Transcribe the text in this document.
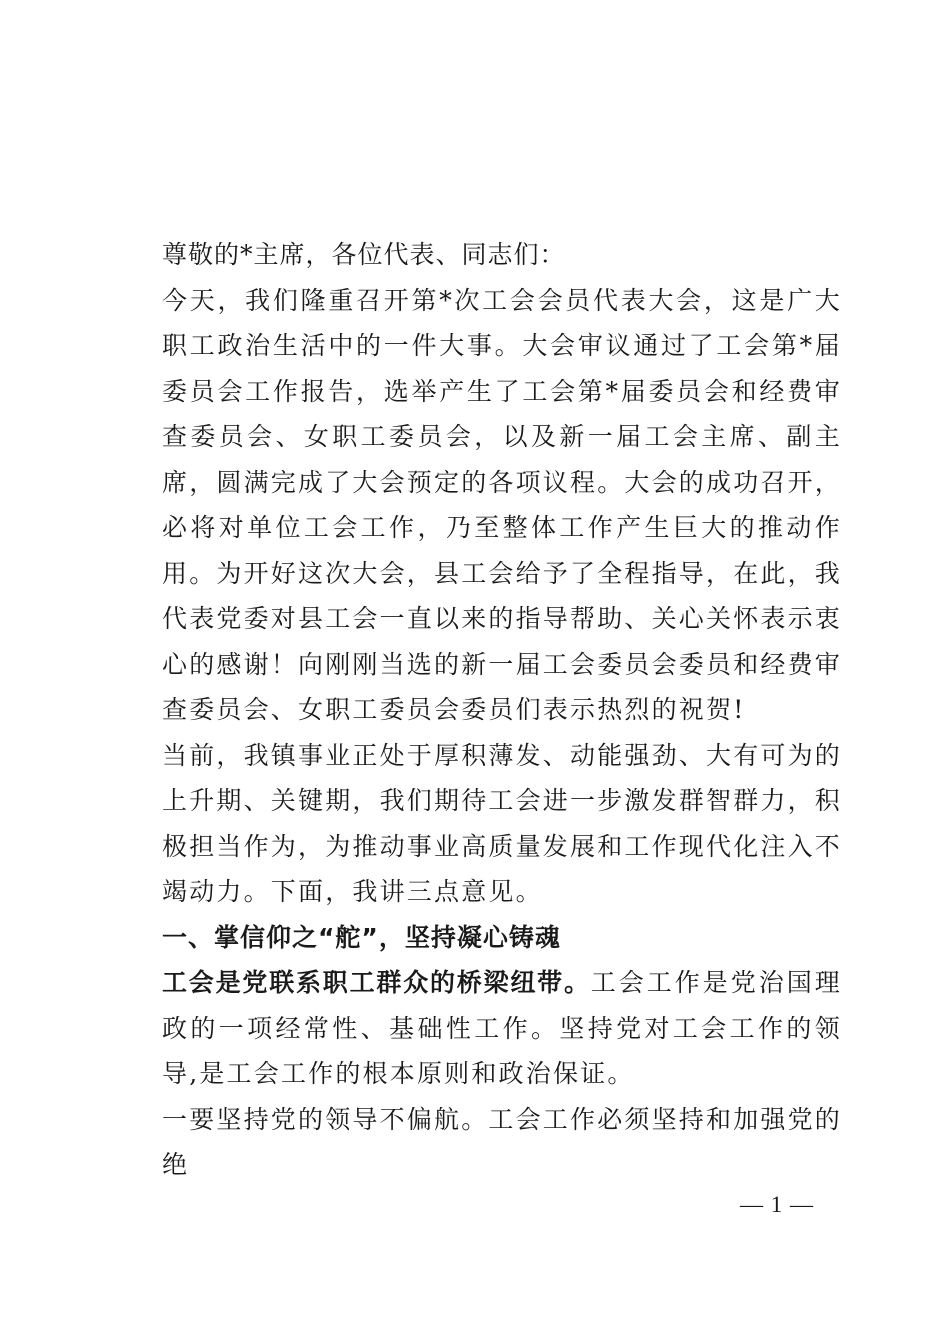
尊敬的*主席，各位代表、同志们：

今天，我们隆重召开第*次工会会员代表大会，这是广大职工政治生活中的一件大事。大会审议通过了工会第*届委员会工作报告，选举产生了工会第*届委员会和经费审查委员会、女职工委员会，以及新一届工会主席、副主席，圆满完成了大会预定的各项议程。大会的成功召开，必将对单位工会工作，乃至整体工作产生巨大的推动作用。为开好这次大会，县工会给予了全程指导，在此，我代表党委对县工会一直以来的指导帮助、关心关怀表示衷心的感谢！向刚刚当选的新一届工会委员会委员和经费审查委员会、女职工委员会委员们表示热烈的祝贺!

当前，我镇事业正处于厚积薄发、动能强劲、大有可为的上升期、关键期，我们期待工会进一步激发群智群力，积极担当作为，为推动事业高质量发展和工作现代化注入不竭动力。下面，我讲三点意见。

一、掌信仰之“舵”，坚持凝心铸魂

工会是党联系职工群众的桥梁纽带。工会工作是党治国理政的一项经常性、基础性工作。坚持党对工会工作的领导,是工会工作的根本原则和政治保证。

一要坚持党的领导不偏航。工会工作必须坚持和加强党的绝

— 1 —
